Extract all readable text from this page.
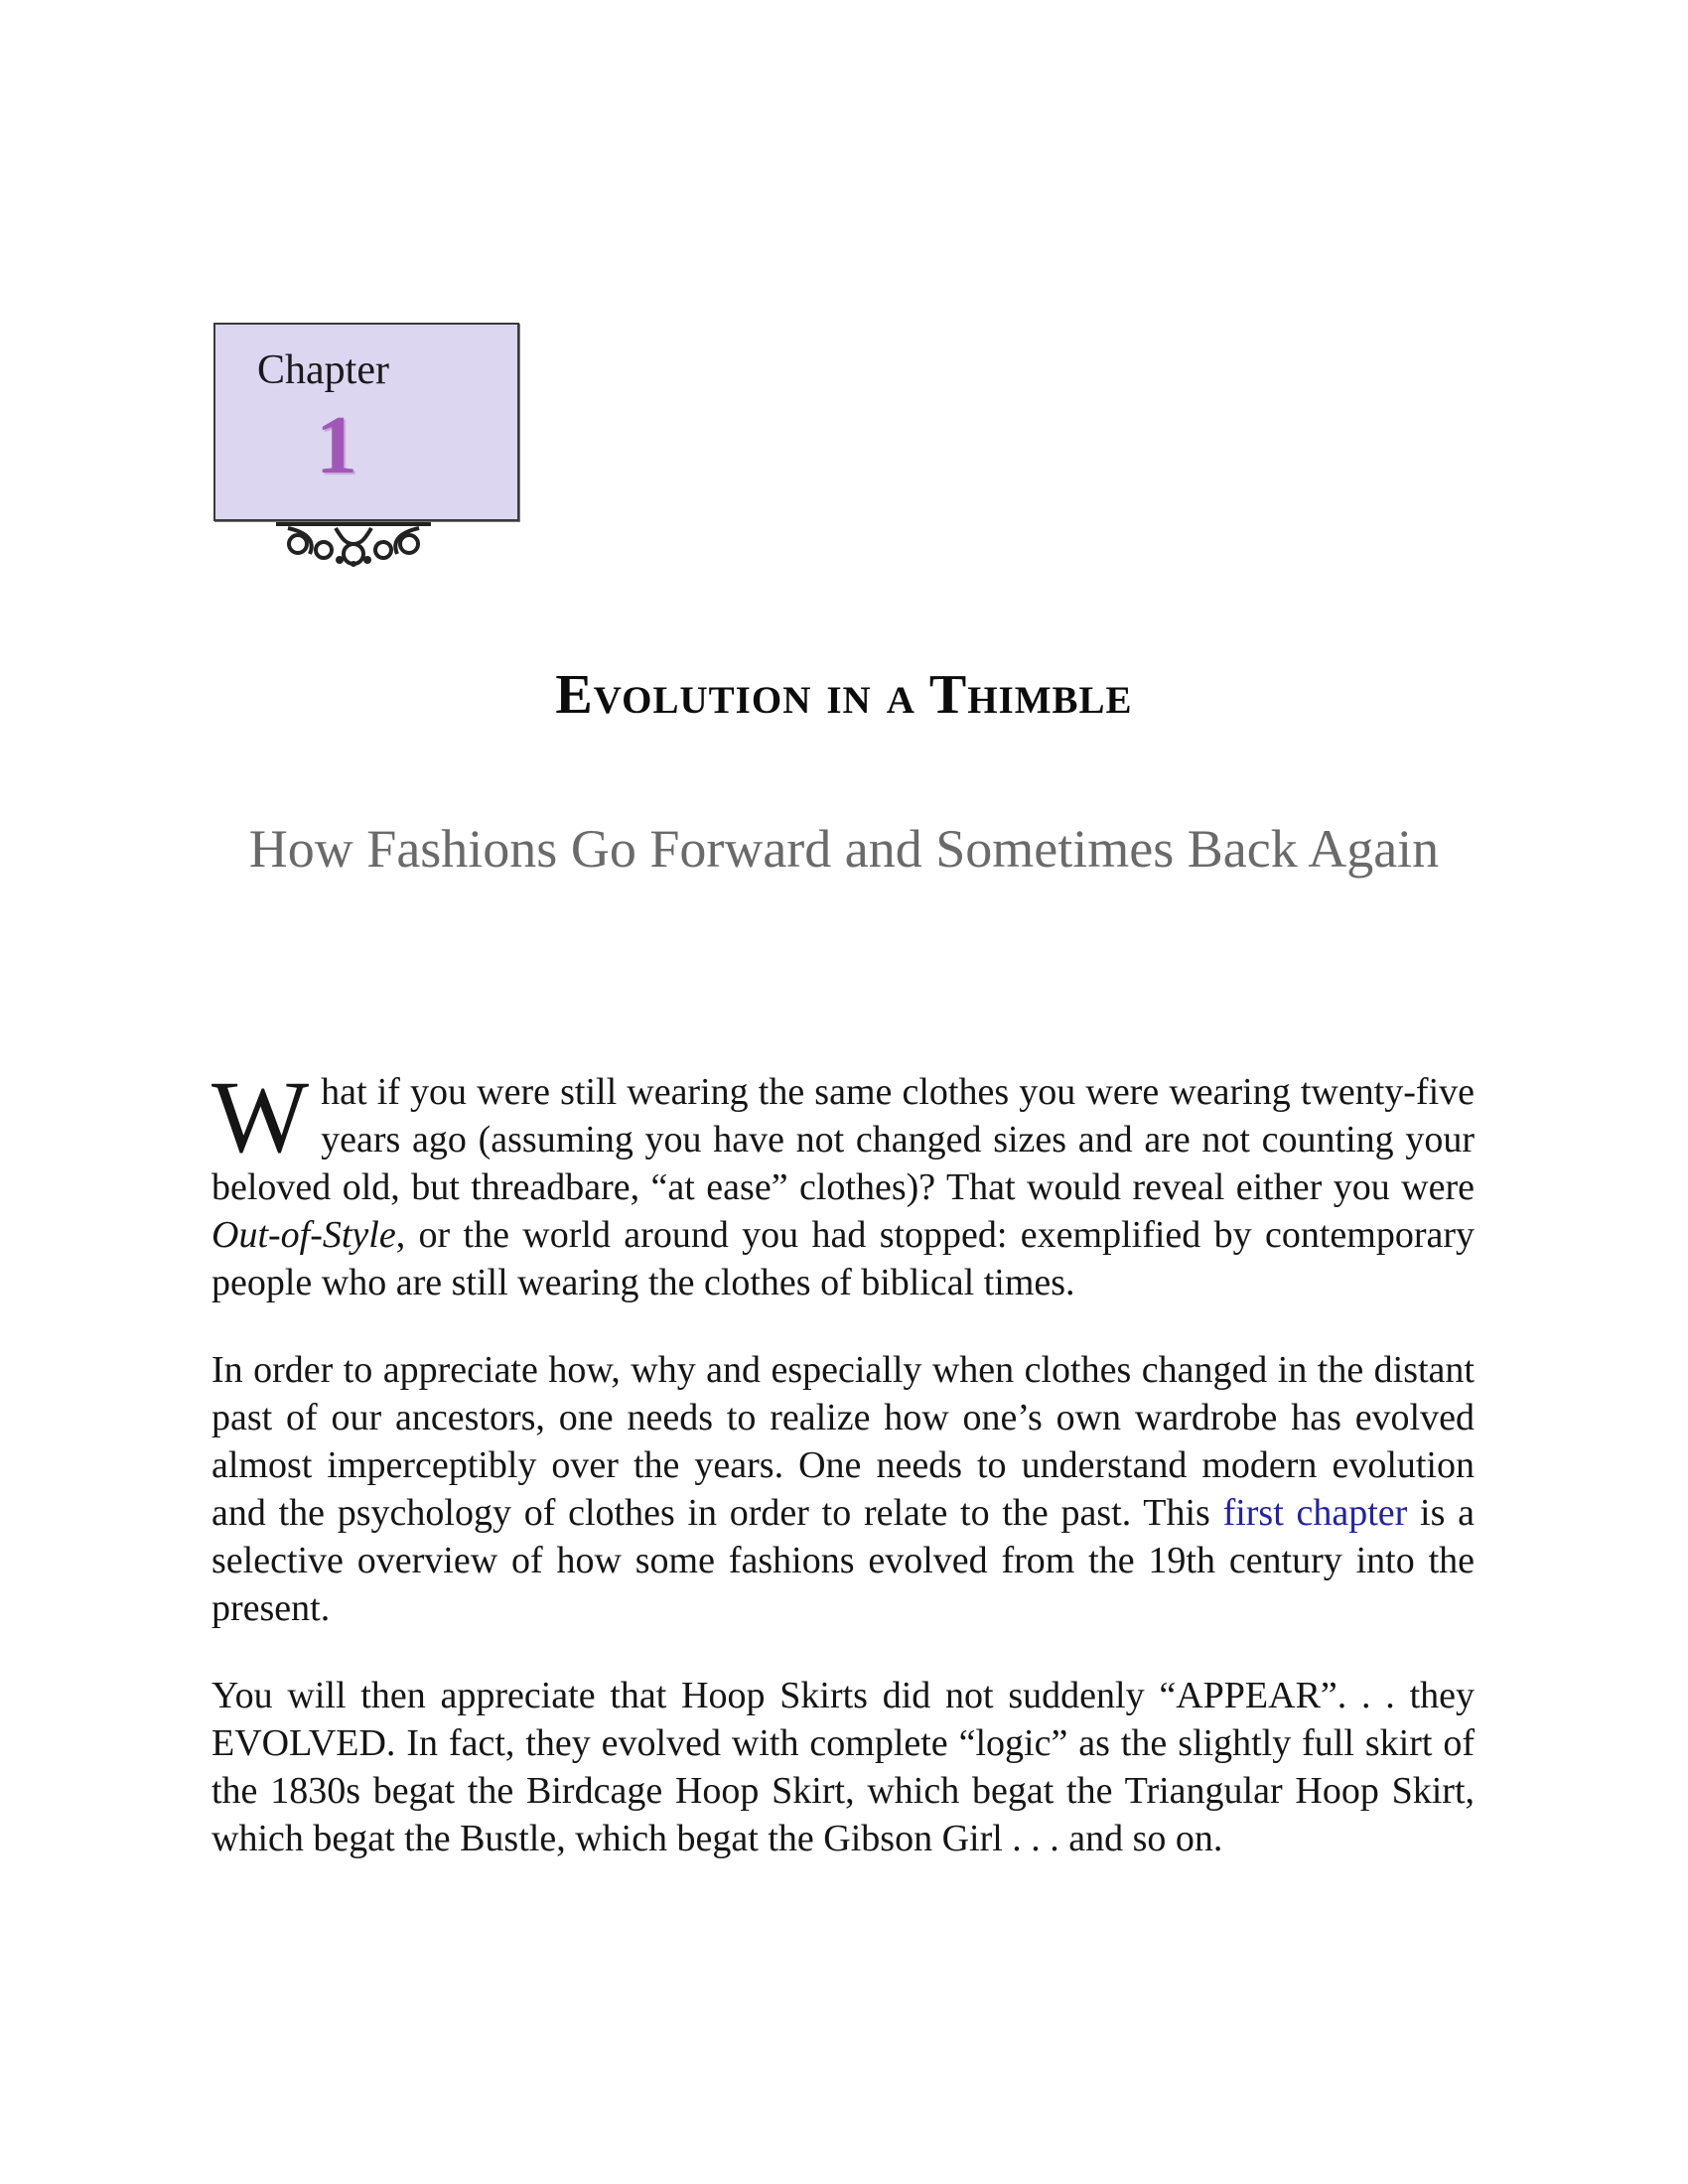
Chapter
1
Evolution in a Thimble
How Fashions Go Forward and Sometimes Back Again

What if you were still wearing the same clothes you were wearing twenty-five years ago (assuming you have not changed sizes and are not counting your beloved old, but threadbare, “at ease” clothes)? That would reveal either you were Out-of-Style, or the world around you had stopped: exemplified by contemporary people who are still wearing the clothes of biblical times.

In order to appreciate how, why and especially when clothes changed in the distant past of our ancestors, one needs to realize how one’s own wardrobe has evolved almost imperceptibly over the years. One needs to understand modern evolution and the psychology of clothes in order to relate to the past. This first chapter is a selective overview of how some fashions evolved from the 19th century into the present.

You will then appreciate that Hoop Skirts did not suddenly “APPEAR”. . . they EVOLVED. In fact, they evolved with complete “logic” as the slightly full skirt of the 1830s begat the Birdcage Hoop Skirt, which begat the Triangular Hoop Skirt, which begat the Bustle, which begat the Gibson Girl . . . and so on.
